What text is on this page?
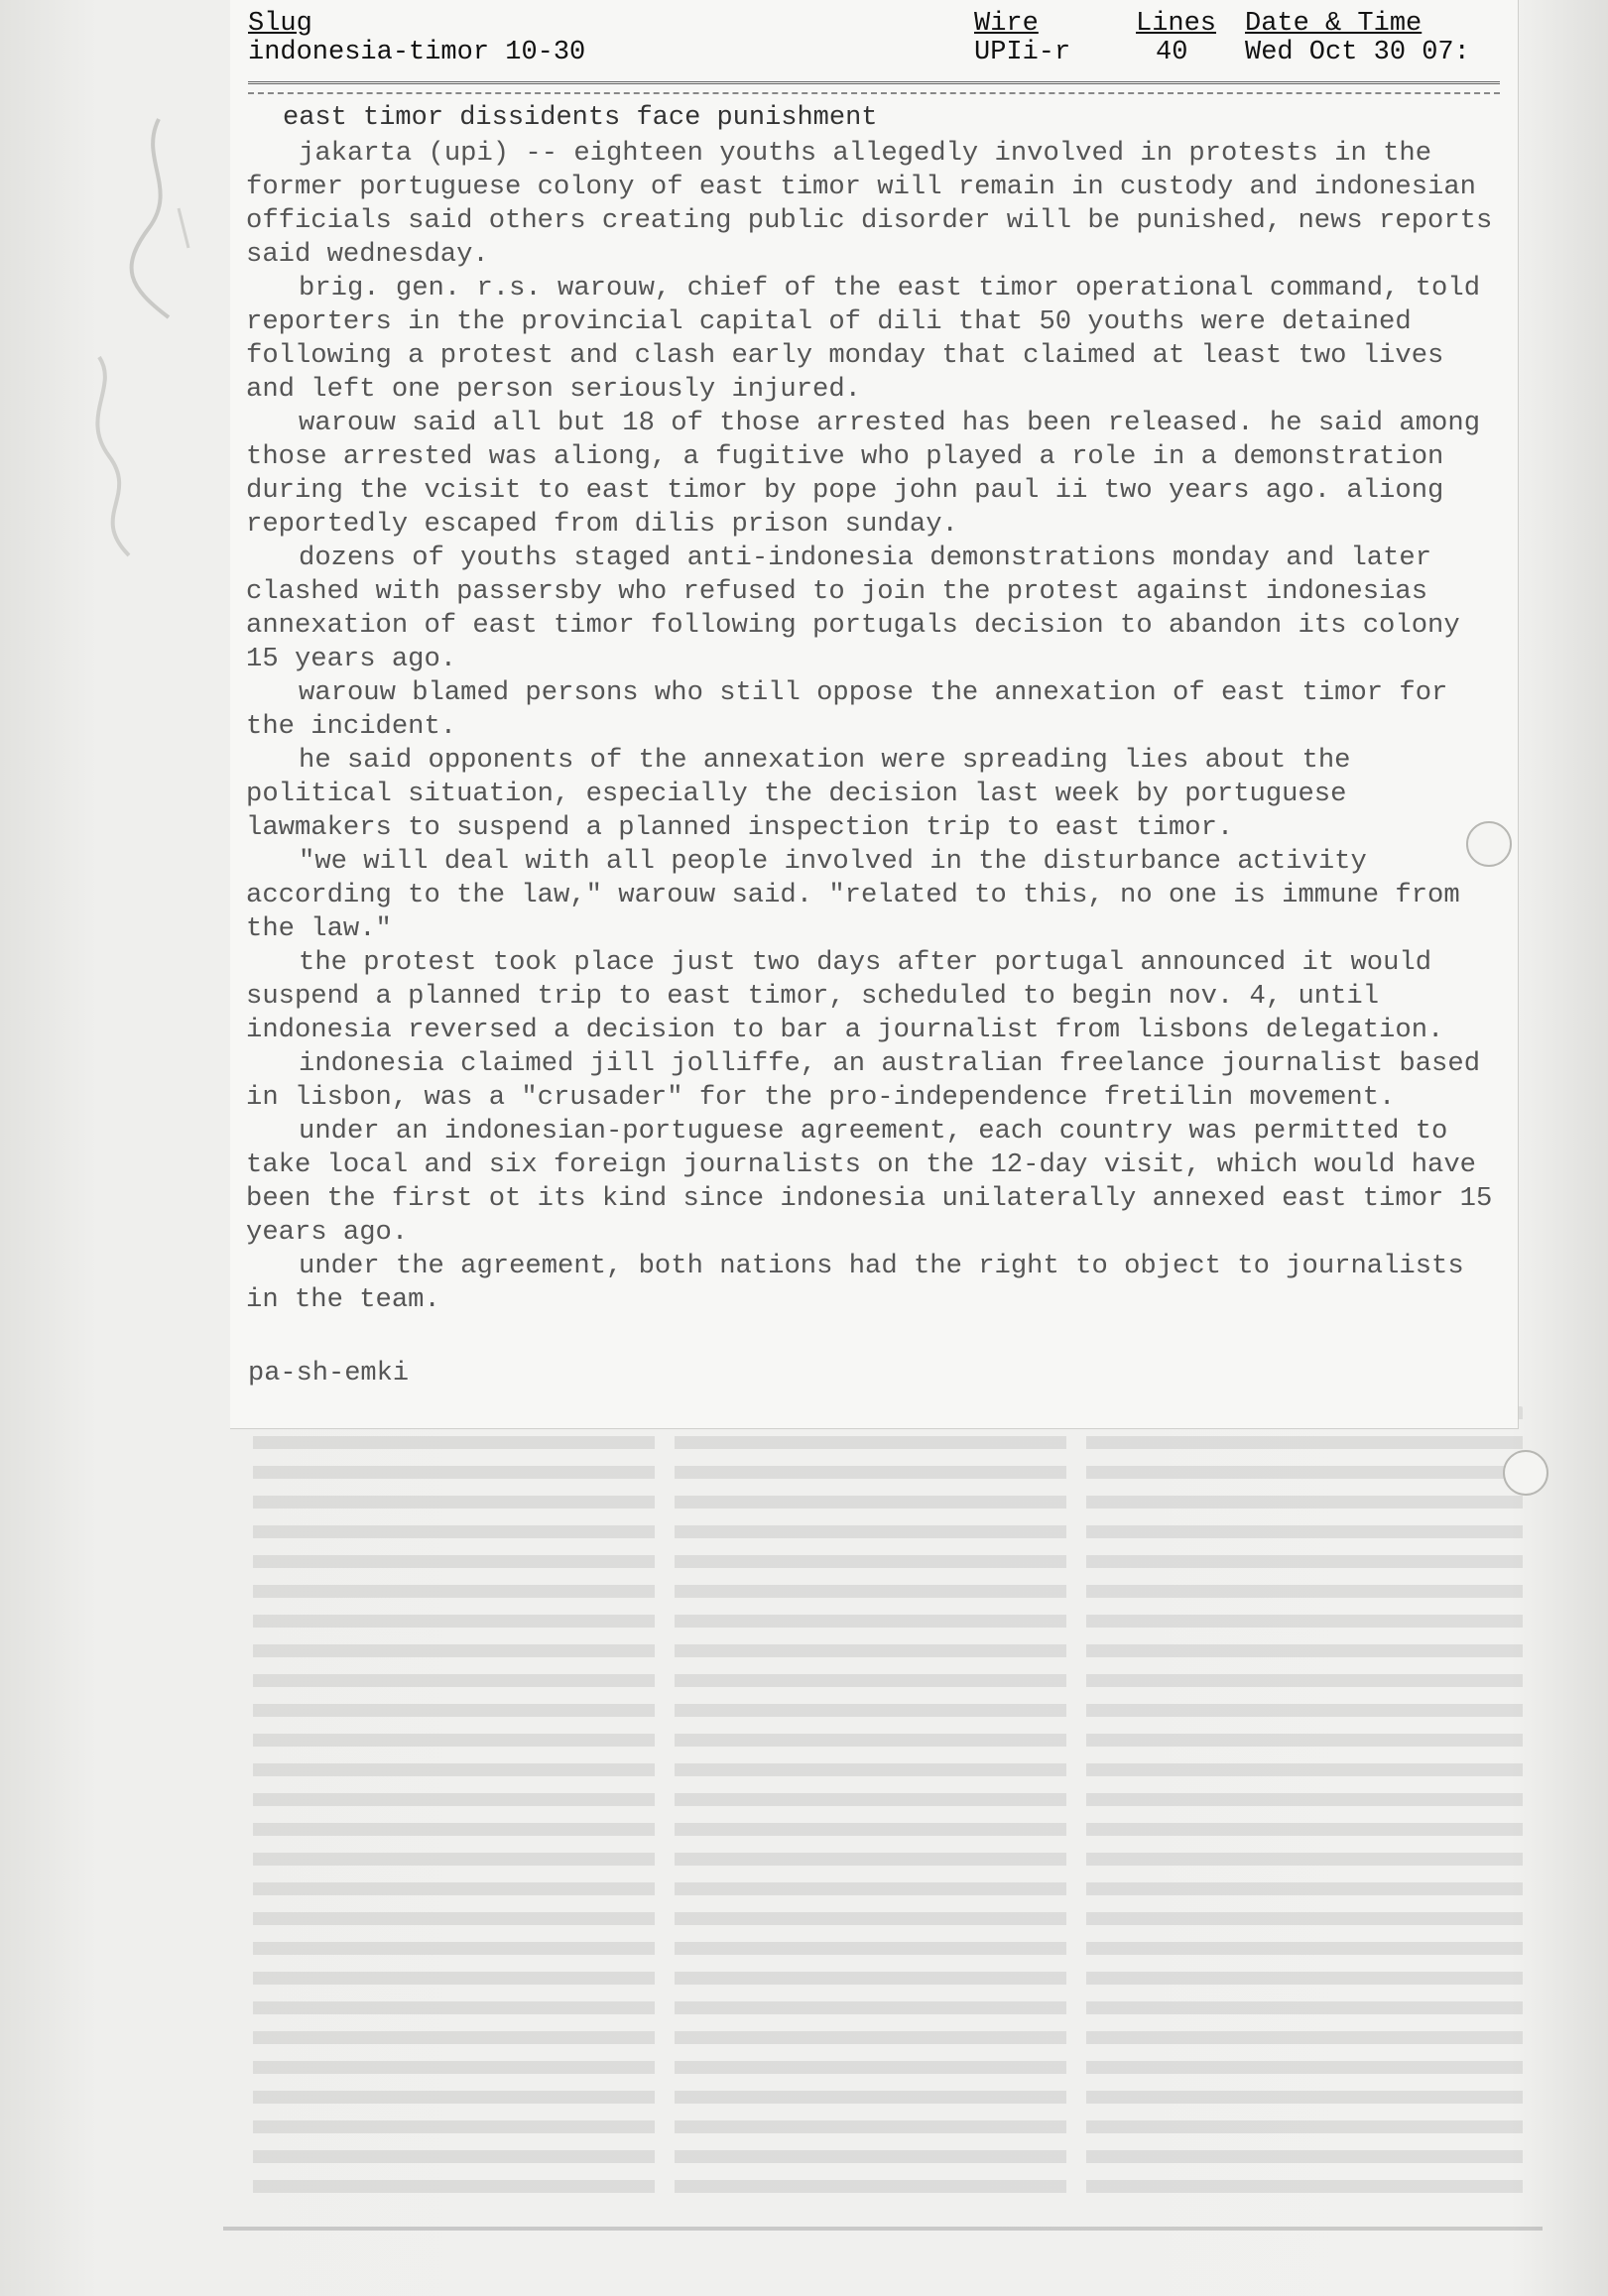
Slug
indonesia-timor 10-30
Wire
UPIi-r
Lines
40
Date & Time
Wed Oct 30 07:
east timor dissidents face punishment

jakarta (upi) -- eighteen youths allegedly involved in protests in the former portuguese colony of east timor will remain in custody and indonesian officials said others creating public disorder will be punished, news reports said wednesday.

brig. gen. r.s. warouw, chief of the east timor operational command, told reporters in the provincial capital of dili that 50 youths were detained following a protest and clash early monday that claimed at least two lives and left one person seriously injured.

warouw said all but 18 of those arrested has been released. he said among those arrested was aliong, a fugitive who played a role in a demonstration during the vcisit to east timor by pope john paul ii two years ago. aliong reportedly escaped from dilis prison sunday.

dozens of youths staged anti-indonesia demonstrations monday and later clashed with passersby who refused to join the protest against indonesias annexation of east timor following portugals decision to abandon its colony 15 years ago.

warouw blamed persons who still oppose the annexation of east timor for the incident.

he said opponents of the annexation were spreading lies about the political situation, especially the decision last week by portuguese lawmakers to suspend a planned inspection trip to east timor.

"we will deal with all people involved in the disturbance activity according to the law," warouw said. "related to this, no one is immune from the law."

the protest took place just two days after portugal announced it would suspend a planned trip to east timor, scheduled to begin nov. 4, until indonesia reversed a decision to bar a journalist from lisbons delegation.

indonesia claimed jill jolliffe, an australian freelance journalist based in lisbon, was a "crusader" for the pro-independence fretilin movement.

under an indonesian-portuguese agreement, each country was permitted to take local and six foreign journalists on the 12-day visit, which would have been the first ot its kind since indonesia unilaterally annexed east timor 15 years ago.

under the agreement, both nations had the right to object to journalists in the team.

pa-sh-emki
